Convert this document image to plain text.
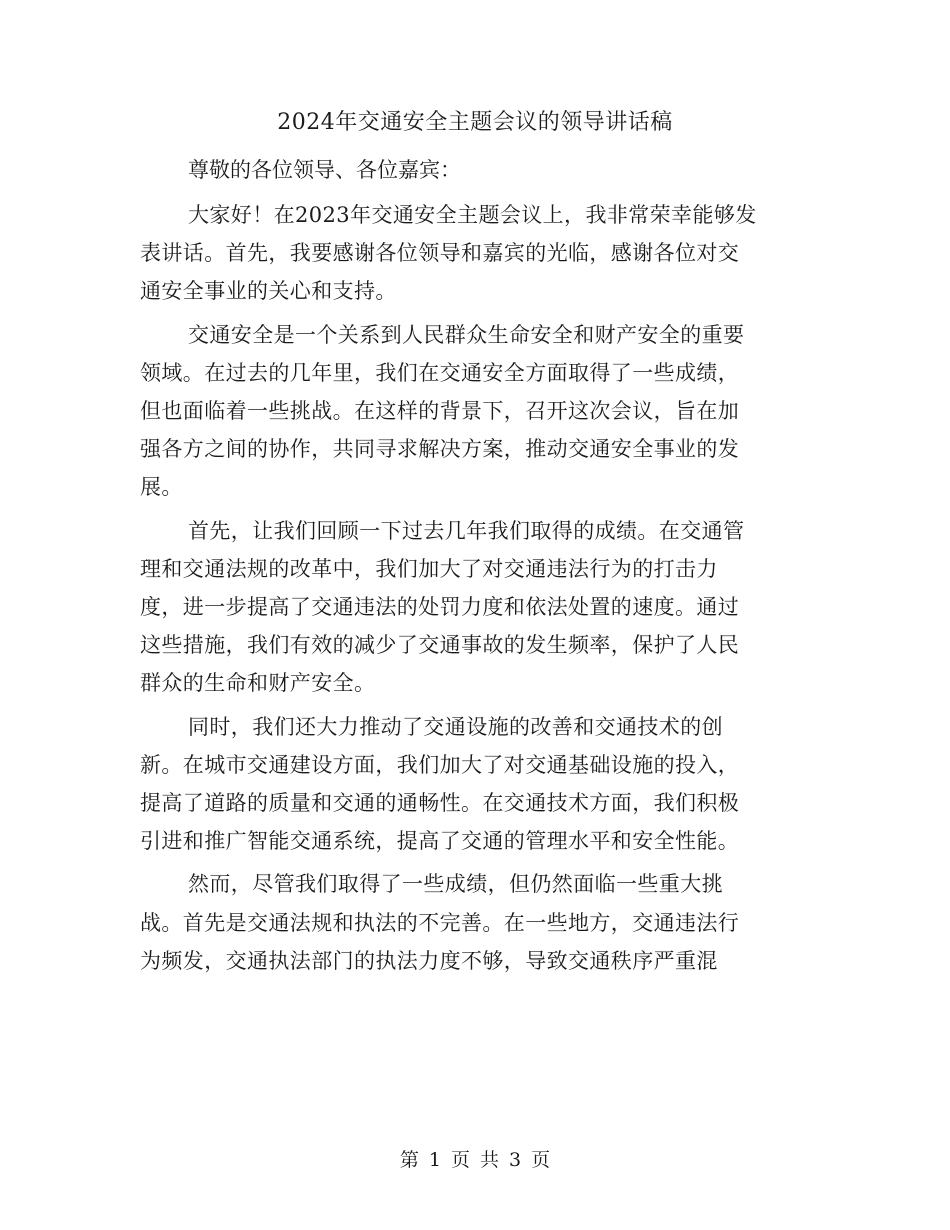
2024年交通安全主题会议的领导讲话稿
尊敬的各位领导、各位嘉宾：
大家好！在2023年交通安全主题会议上，我非常荣幸能够发
表讲话。首先，我要感谢各位领导和嘉宾的光临，感谢各位对交
通安全事业的关心和支持。
交通安全是一个关系到人民群众生命安全和财产安全的重要
领域。在过去的几年里，我们在交通安全方面取得了一些成绩，
但也面临着一些挑战。在这样的背景下，召开这次会议，旨在加
强各方之间的协作，共同寻求解决方案，推动交通安全事业的发
展。
首先，让我们回顾一下过去几年我们取得的成绩。在交通管
理和交通法规的改革中，我们加大了对交通违法行为的打击力
度，进一步提高了交通违法的处罚力度和依法处置的速度。通过
这些措施，我们有效的减少了交通事故的发生频率，保护了人民
群众的生命和财产安全。
同时，我们还大力推动了交通设施的改善和交通技术的创
新。在城市交通建设方面，我们加大了对交通基础设施的投入，
提高了道路的质量和交通的通畅性。在交通技术方面，我们积极
引进和推广智能交通系统，提高了交通的管理水平和安全性能。
然而，尽管我们取得了一些成绩，但仍然面临一些重大挑
战。首先是交通法规和执法的不完善。在一些地方，交通违法行
为频发，交通执法部门的执法力度不够，导致交通秩序严重混
第 1 页 共 3 页
